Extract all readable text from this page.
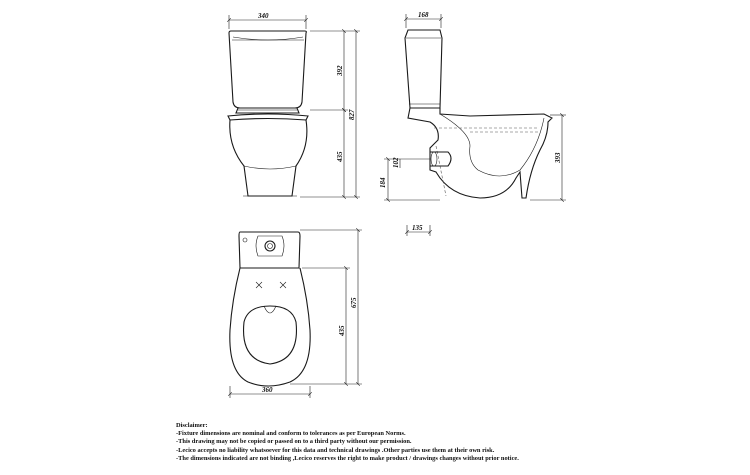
340
392
435
827
168
393
102
184
135
435
675
360
Disclaimer:
-Fixture dimensions are nominal and conform to tolerances as per European Norms.
-This drawing may not be copied or passed on to a third party without our permission.
-Lecico accepts no liability whatsoever for this data and technical drawings .Other parties use them at their own risk.
-The dimensions indicated are not binding ,Lecico reserves the right to make product / drawings changes without prior notice.
